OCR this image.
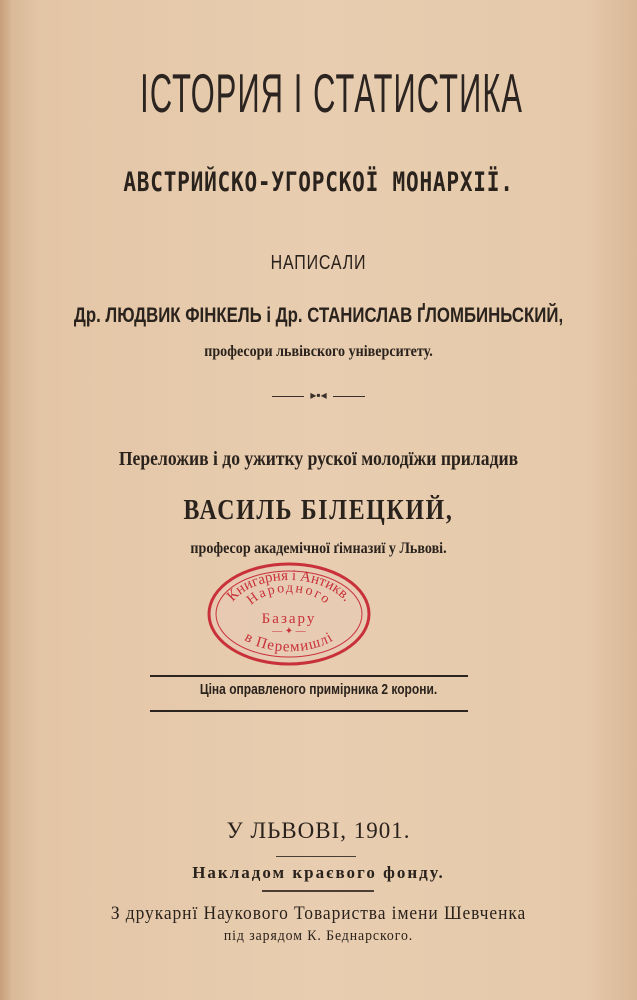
ІСТОРИЯ І СТАТИСТИКА
АВСТРИЙСКО-УГОРСКОЇ МОНАРХІЇ.
НАПИСАЛИ
Др. ЛЮДВИК ФІНКЕЛЬ і Др. СТАНИСЛАВ ҐЛОМБИНЬСКИЙ,
професори львівского університету.
▸▪◂
Переложив і до ужитку рускої молодїжи приладив
ВАСИЛЬ БІЛЕЦКИЙ,
професор академічної ґімназиї у Львові.
Книгарня і Антикв.
Народного
Базару
— ✦ —
в Перемишлі
Ціна оправленого примірника 2 корони.
У ЛЬВОВІ, 1901.
Накладом краєвого фонду.
З друкарнї Наукового Товариства імени Шевченка
під зарядом К. Беднарского.
